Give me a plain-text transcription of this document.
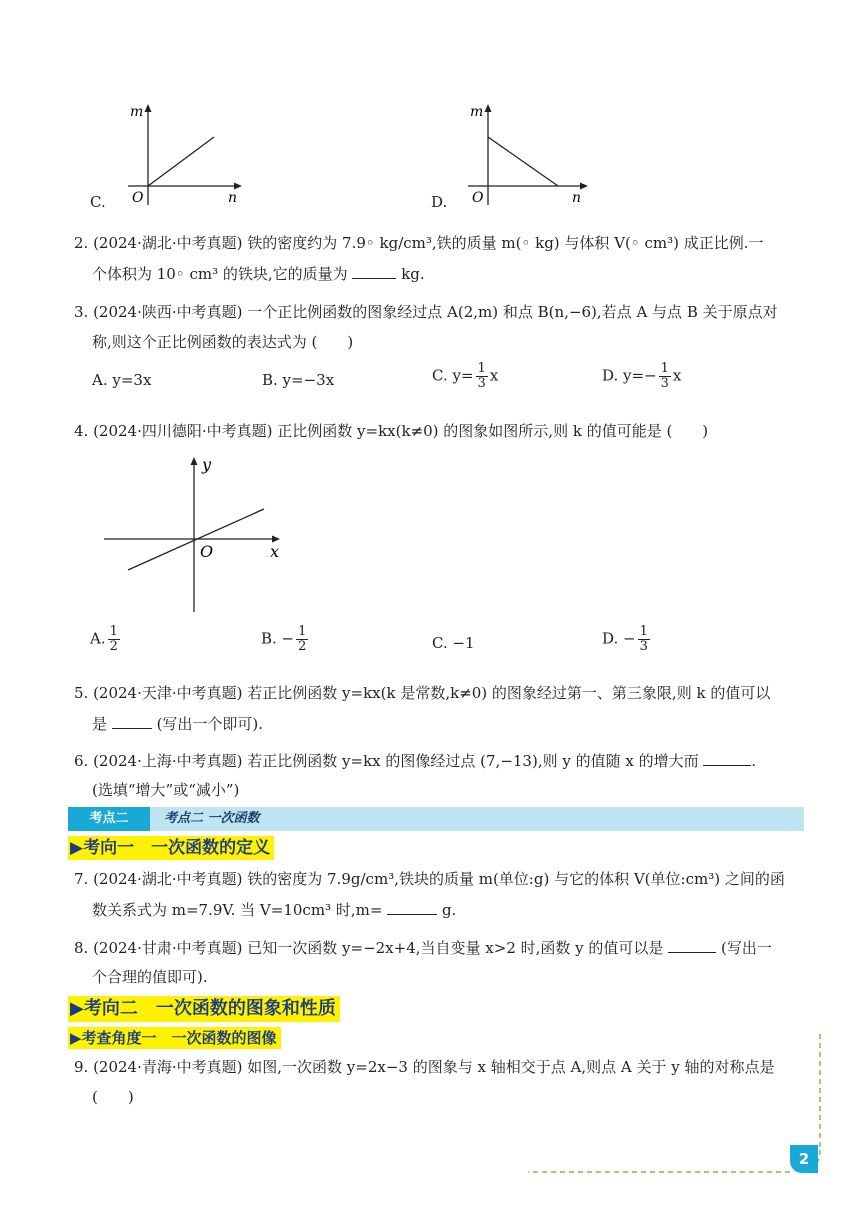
C.
m
n
O	D.
m
n
O
2. (2024·湖北·中考真题) 铁的密度约为 7.9◦ kg/cm³,铁的质量 m(◦ kg) 与体积 V(◦ cm³) 成正比例.一
个体积为 10◦ cm³ 的铁块,它的质量为	kg.
3. (2024·陕西·中考真题) 一个正比例函数的图象经过点 A(2,m) 和点 B(n,−6),若点 A 与点 B 关于原点对
称,则这个正比例函数的表达式为 (　　)
A. y=3x	B. y=−3x	C. $y= \frac{1}{3}$ x	D. $y=- \frac{1}{3}$ x
4. (2024·四川德阳·中考真题) 正比例函数 y=kx(k≠0) 的图象如图所示,则 k 的值可能是 (　　)
y
x
O
A. $\frac{1}{2}$	B. − $\frac{1}{2}$	C. −1	D. − $\frac{1}{3}$
5. (2024·天津·中考真题) 若正比例函数 y=kx(k 是常数,k≠0) 的图象经过第一、第三象限,则 k 的值可以
是	(写出一个即可).
6. (2024·上海·中考真题) 若正比例函数 y=kx 的图像经过点 (7,−13),则 y 的值随 x 的增大而	.
(选填“增大”或“减小”)
考点二	考点二 一次函数
▶考向一　一次函数的定义
7. (2024·湖北·中考真题) 铁的密度为 7.9g/cm³,铁块的质量 m(单位:g) 与它的体积 V(单位:cm³) 之间的函
数关系式为 m=7.9V. 当 V=10cm³ 时,m=	g.
8. (2024·甘肃·中考真题) 已知一次函数 y=−2x+4,当自变量 x>2 时,函数 y 的值可以是	(写出一
个合理的值即可).
▶考向二　一次函数的图象和性质
▶考查角度一　一次函数的图像
9. (2024·青海·中考真题) 如图,一次函数 y=2x−3 的图象与 x 轴相交于点 A,则点 A 关于 y 轴的对称点是
(　　)
2
